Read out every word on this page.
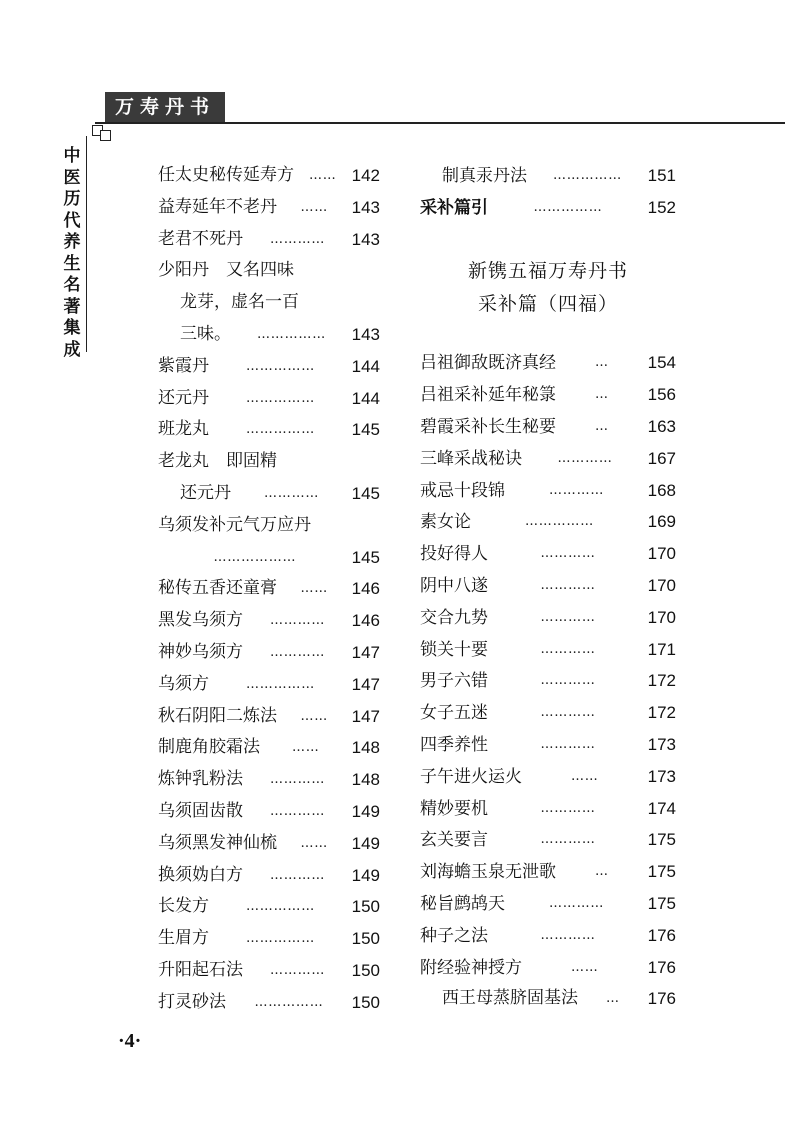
万寿丹书
中
医
历
代
养
生
名
著
集
成
任太史秘传延寿方 …… 142
益寿延年不老丹 …… 143
老君不死丹 ………… 143
少阳丹　又名四味
龙芽，虚名一百
三味。 …………… 143
紫霞丹	…………… 144
还元丹	…………… 144
班龙丸	…………… 145
老龙丸　即固精
还元丹	………… 145
乌须发补元气万应丹
………………	145
秘传五香还童膏 …… 146
黑发乌须方 ………… 146
神妙乌须方 ………… 147
乌须方	…………… 147
秋石阴阳二炼法 …… 147
制鹿角胶霜法 …… 148
炼钟乳粉法 ………… 148
乌须固齿散 ………… 149
乌须黑发神仙梳 …… 149
换须妫白方 ………… 149
长发方	…………… 150
生眉方	…………… 150
升阳起石法 ………… 150
打灵砂法 …………… 150
制真汞丹法 …………… 151
采补篇引	……………	152
新镌五福万寿丹书
采补篇（四福）
吕祖御敌既济真经	… 154
吕祖采补延年秘箓	… 156
碧霞采补长生秘要	… 163
三峰采战秘诀	………… 167
戒忌十段锦	…………	168
素女论	……………	169
投好得人	…………	170
阴中八遂	…………	170
交合九势	…………	170
锁关十要	…………	171
男子六错	…………	172
女子五迷	…………	172
四季养性	…………	173
子午进火运火	……	173
精妙要机	…………	174
玄关要言	…………	175
刘海蟾玉泉无泄歌	… 175
秘旨鹧鸪天	…………	175
种子之法	…………	176
附经验神授方	……	176
西王母蒸脐固基法 … 176
·4·
